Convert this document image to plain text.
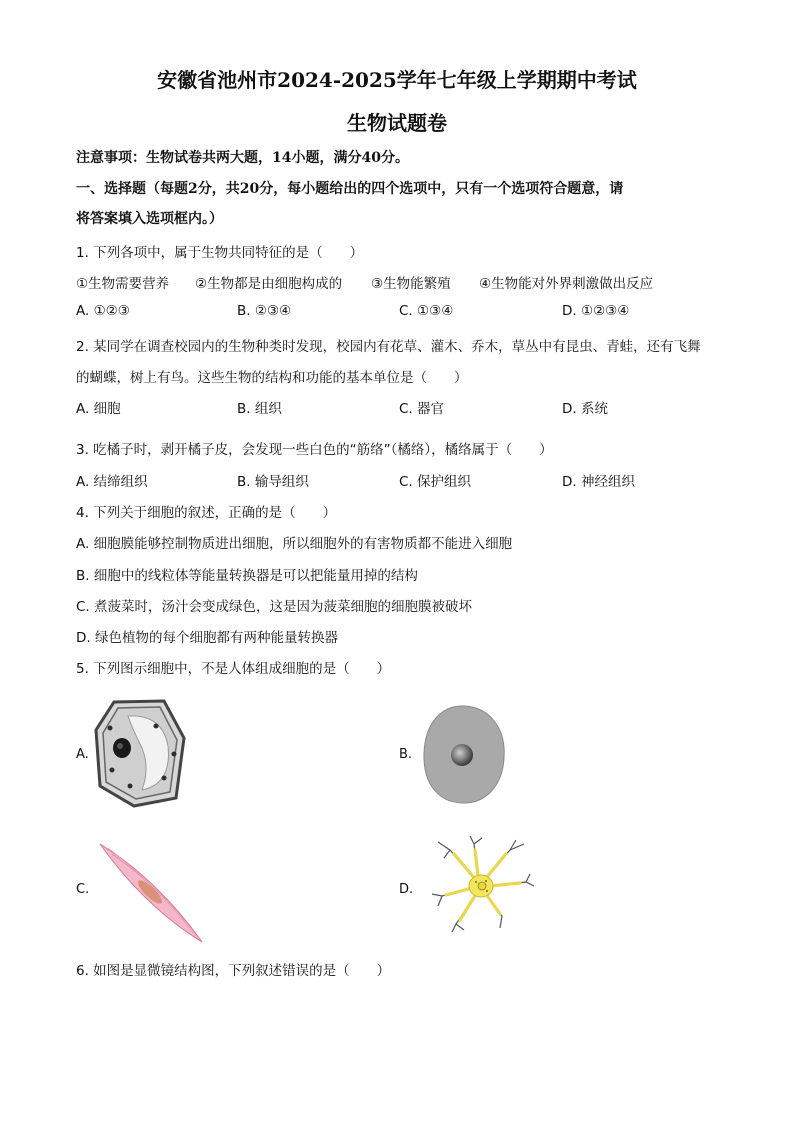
安徽省池州市2024-2025学年七年级上学期期中考试
生物试题卷
注意事项：生物试卷共两大题，14小题，满分40分。
一、选择题（每题2分，共20分，每小题给出的四个选项中，只有一个选项符合题意，请
将答案填入选项框内。）
1. 下列各项中，属于生物共同特征的是（　　）
①生物需要营养 ②生物都是由细胞构成的 ③生物能繁殖 ④生物能对外界刺激做出反应
A. ①②③	B. ②③④	C. ①③④	D. ①②③④
2. 某同学在调查校园内的生物种类时发现，校园内有花草、灌木、乔木，草丛中有昆虫、青蛙，还有飞舞
的蝴蝶，树上有鸟。这些生物的结构和功能的基本单位是（　　）
A. 细胞	B. 组织	C. 器官	D. 系统
3. 吃橘子时，剥开橘子皮，会发现一些白色的“筋络”（橘络），橘络属于（　　）
A. 结缔组织	B. 输导组织	C. 保护组织	D. 神经组织
4. 下列关于细胞的叙述，正确的是（　　）
A. 细胞膜能够控制物质进出细胞，所以细胞外的有害物质都不能进入细胞
B. 细胞中的线粒体等能量转换器是可以把能量用掉的结构
C. 煮菠菜时，汤汁会变成绿色，这是因为菠菜细胞的细胞膜被破坏
D. 绿色植物的每个细胞都有两种能量转换器
5. 下列图示细胞中，不是人体组成细胞的是（　　）
A.	B.
C.	D.
6. 如图是显微镜结构图，下列叙述错误的是（　　）
